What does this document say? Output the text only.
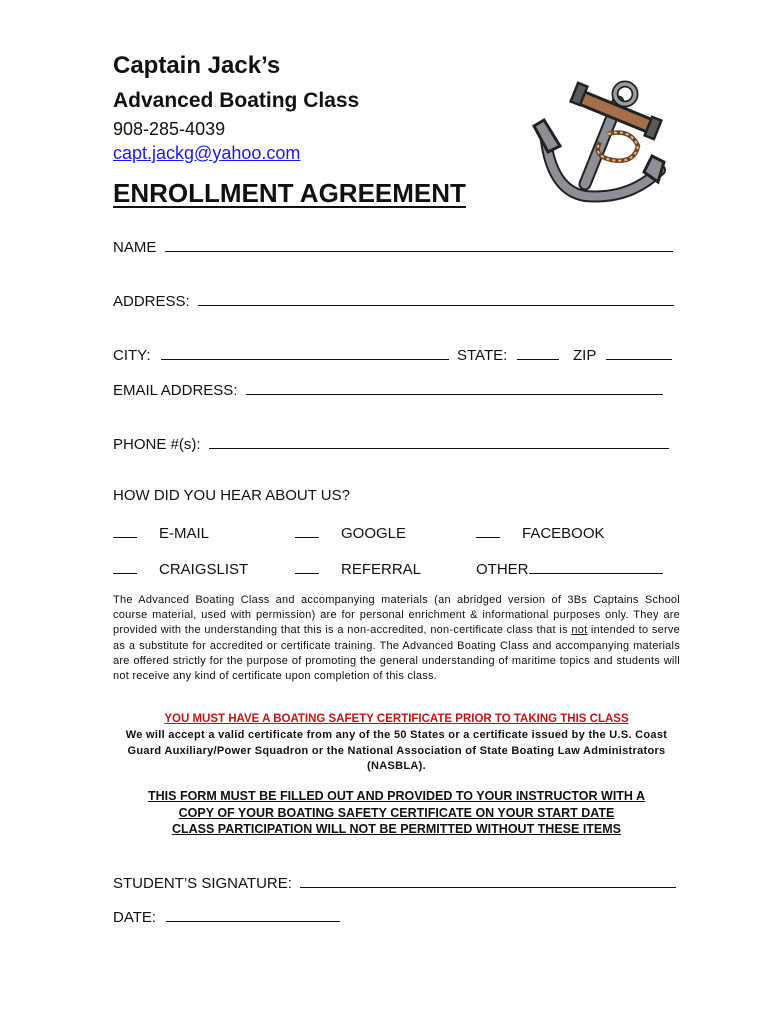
Captain Jack’s
Advanced Boating Class
908-285-4039
capt.jackg@yahoo.com
ENROLLMENT AGREEMENT
NAME
ADDRESS:
CITY:	STATE:	ZIP
EMAIL ADDRESS:
PHONE #(s):
HOW DID YOU HEAR ABOUT US?
E-MAIL	GOOGLE	FACEBOOK
CRAIGSLIST	REFERRAL	OTHER
The Advanced Boating Class and accompanying materials (an abridged version of 3Bs Captains School course material, used with permission) are for personal enrichment & informational purposes only. They are provided with the understanding that this is a non-accredited, non-certificate class that is not intended to serve as a substitute for accredited or certificate training. The Advanced Boating Class and accompanying materials are offered strictly for the purpose of promoting the general understanding of maritime topics and students will not receive any kind of certificate upon completion of this class.
YOU MUST HAVE A BOATING SAFETY CERTIFICATE PRIOR TO TAKING THIS CLASS
We will accept a valid certificate from any of the 50 States or a certificate issued by the U.S. Coast Guard Auxiliary/Power Squadron or the National Association of State Boating Law Administrators (NASBLA).
THIS FORM MUST BE FILLED OUT AND PROVIDED TO YOUR INSTRUCTOR WITH A
COPY OF YOUR BOATING SAFETY CERTIFICATE ON YOUR START DATE
CLASS PARTICIPATION WILL NOT BE PERMITTED WITHOUT THESE ITEMS
STUDENT’S SIGNATURE:
DATE:
